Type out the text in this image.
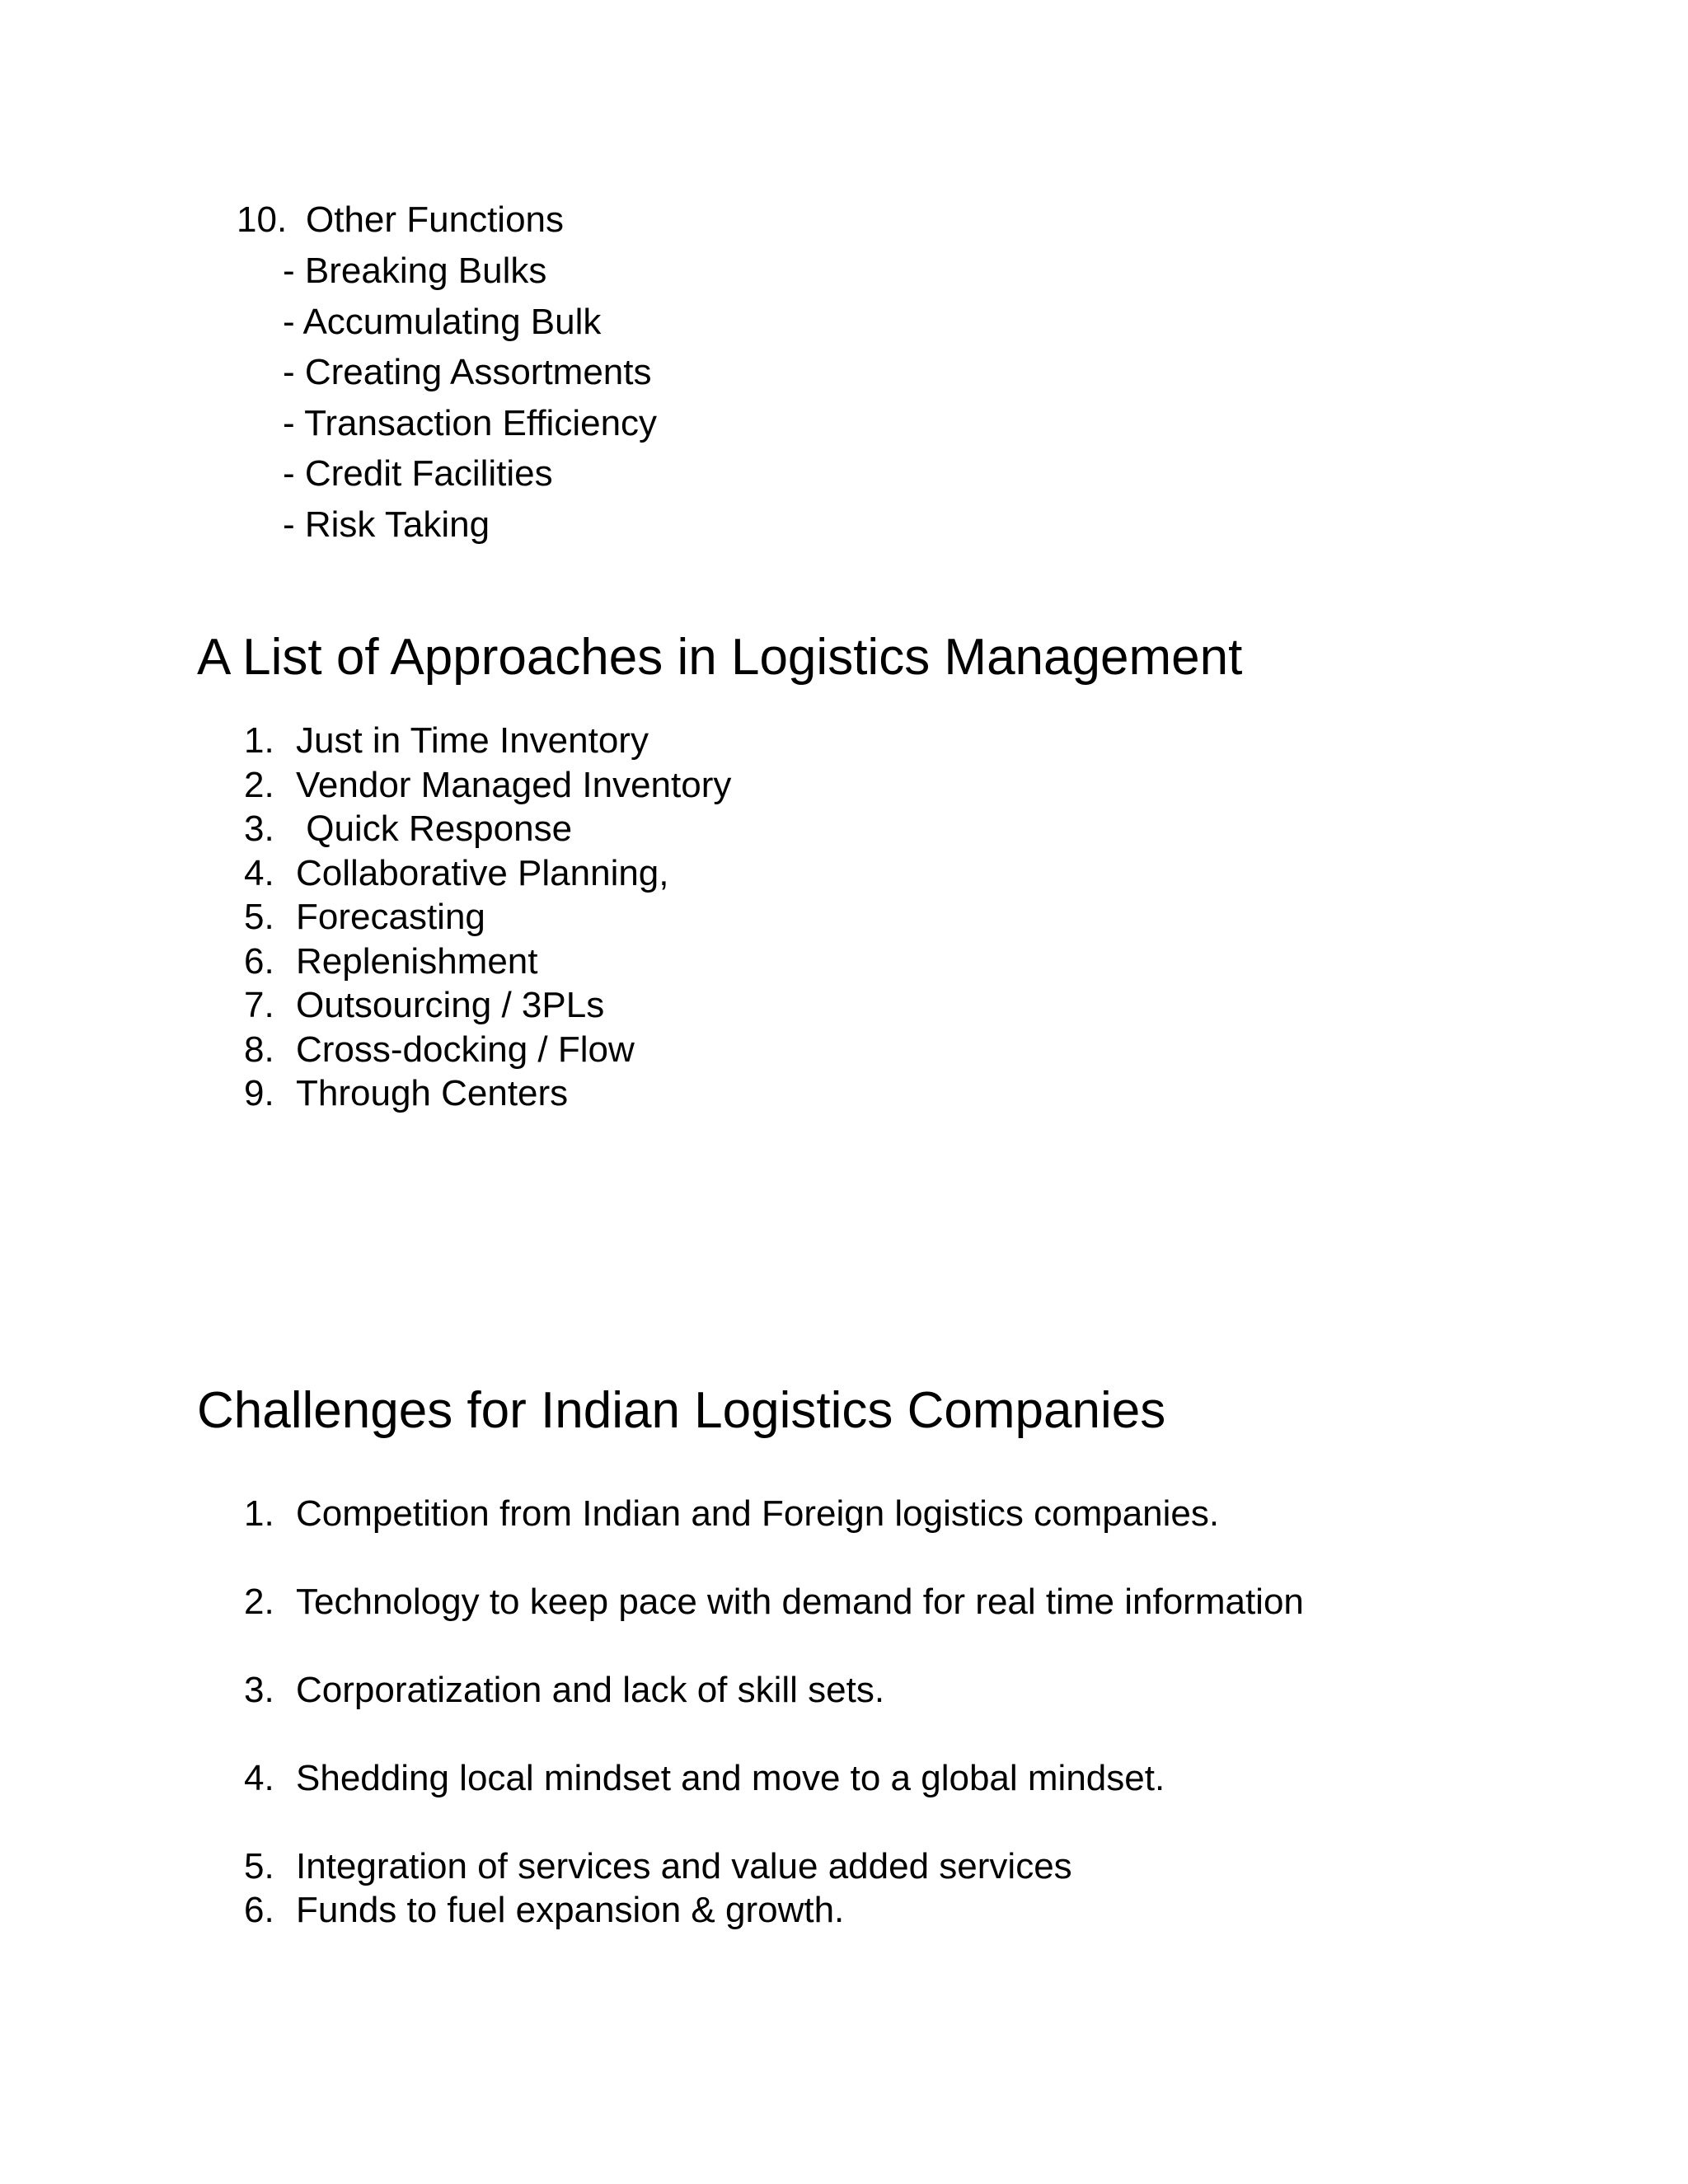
10. Other Functions
- Breaking Bulks
- Accumulating Bulk
- Creating Assortments
- Transaction Efficiency
- Credit Facilities
- Risk Taking
A List of Approaches in Logistics Management
1. Just in Time Inventory
2. Vendor Managed Inventory
3. Quick Response
4. Collaborative Planning,
5. Forecasting
6. Replenishment
7. Outsourcing / 3PLs
8. Cross-docking / Flow
9. Through Centers
Challenges for Indian Logistics Companies
1. Competition from Indian and Foreign logistics companies.
2. Technology to keep pace with demand for real time information
3. Corporatization and lack of skill sets.
4. Shedding local mindset and move to a global mindset.
5. Integration of services and value added services
6. Funds to fuel expansion & growth.
